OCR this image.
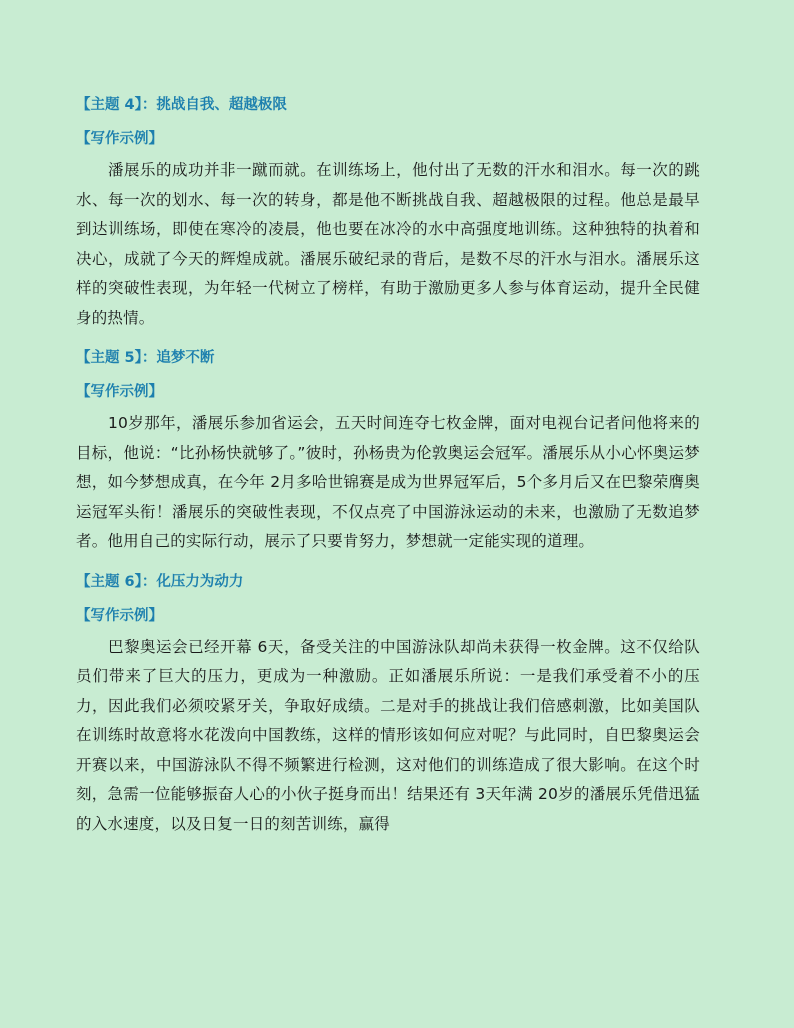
【主题 4】：挑战自我、超越极限

【写作示例】

潘展乐的成功并非一蹴而就。在训练场上，他付出了无数的汗水和泪水。每一次的跳水、每一次的划水、每一次的转身，都是他不断挑战自我、超越极限的过程。他总是最早到达训练场，即使在寒冷的凌晨，他也要在冰冷的水中高强度地训练。这种独特的执着和决心，成就了今天的辉煌成就。潘展乐破纪录的背后，是数不尽的汗水与泪水。潘展乐这样的突破性表现，为年轻一代树立了榜样，有助于激励更多人参与体育运动，提升全民健身的热情。

【主题 5】：追梦不断

【写作示例】

10岁那年，潘展乐参加省运会，五天时间连夺七枚金牌，面对电视台记者问他将来的目标，他说：“比孙杨快就够了。”彼时，孙杨贵为伦敦奥运会冠军。潘展乐从小心怀奥运梦想，如今梦想成真，在今年 2月多哈世锦赛是成为世界冠军后，5个多月后又在巴黎荣膺奥运冠军头衔！潘展乐的突破性表现，不仅点亮了中国游泳运动的未来，也激励了无数追梦者。他用自己的实际行动，展示了只要肯努力，梦想就一定能实现的道理。

【主题 6】：化压力为动力

【写作示例】

巴黎奥运会已经开幕 6天，备受关注的中国游泳队却尚未获得一枚金牌。这不仅给队员们带来了巨大的压力，更成为一种激励。正如潘展乐所说：一是我们承受着不小的压力，因此我们必须咬紧牙关，争取好成绩。二是对手的挑战让我们倍感刺激，比如美国队在训练时故意将水花泼向中国教练，这样的情形该如何应对呢？与此同时，自巴黎奥运会开赛以来，中国游泳队不得不频繁进行检测，这对他们的训练造成了很大影响。在这个时刻，急需一位能够振奋人心的小伙子挺身而出！结果还有 3天年满 20岁的潘展乐凭借迅猛的入水速度，以及日复一日的刻苦训练，赢得
